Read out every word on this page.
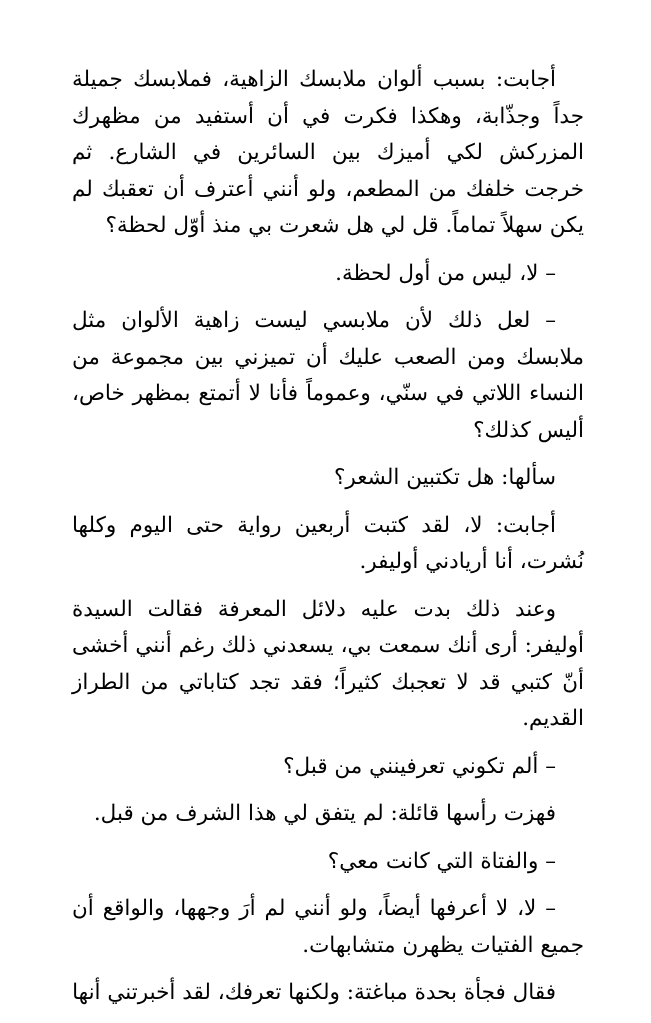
أجابت: بسبب ألوان ملابسك الزاهية، فملابسك جميلة جداً وجذّابة، وهكذا فكرت في أن أستفيد من مظهرك المزركش لكي أميزك بين السائرين في الشارع. ثم خرجت خلفك من المطعم، ولو أنني أعترف أن تعقبك لم يكن سهلاً تماماً. قل لي هل شعرت بي منذ أوّل لحظة؟

– لا، ليس من أول لحظة.

– لعل ذلك لأن ملابسي ليست زاهية الألوان مثل ملابسك ومن الصعب عليك أن تميزني بين مجموعة من النساء اللاتي في سنّي، وعموماً فأنا لا أتمتع بمظهر خاص، أليس كذلك؟

سألها: هل تكتبين الشعر؟

أجابت: لا، لقد كتبت أربعين رواية حتى اليوم وكلها نُشرت، أنا أريادني أوليفر.

وعند ذلك بدت عليه دلائل المعرفة فقالت السيدة أوليفر: أرى أنك سمعت بي، يسعدني ذلك رغم أنني أخشى أنّ كتبي قد لا تعجبك كثيراً؛ فقد تجد كتاباتي من الطراز القديم.

– ألم تكوني تعرفينني من قبل؟

فهزت رأسها قائلة: لم يتفق لي هذا الشرف من قبل.

– والفتاة التي كانت معي؟

– لا، لا أعرفها أيضاً، ولو أنني لم أرَ وجهها، والواقع أن جميع الفتيات يظهرن متشابهات.

فقال فجأة بحدة مباغتة: ولكنها تعرفك، لقد أخبرتني أنها
